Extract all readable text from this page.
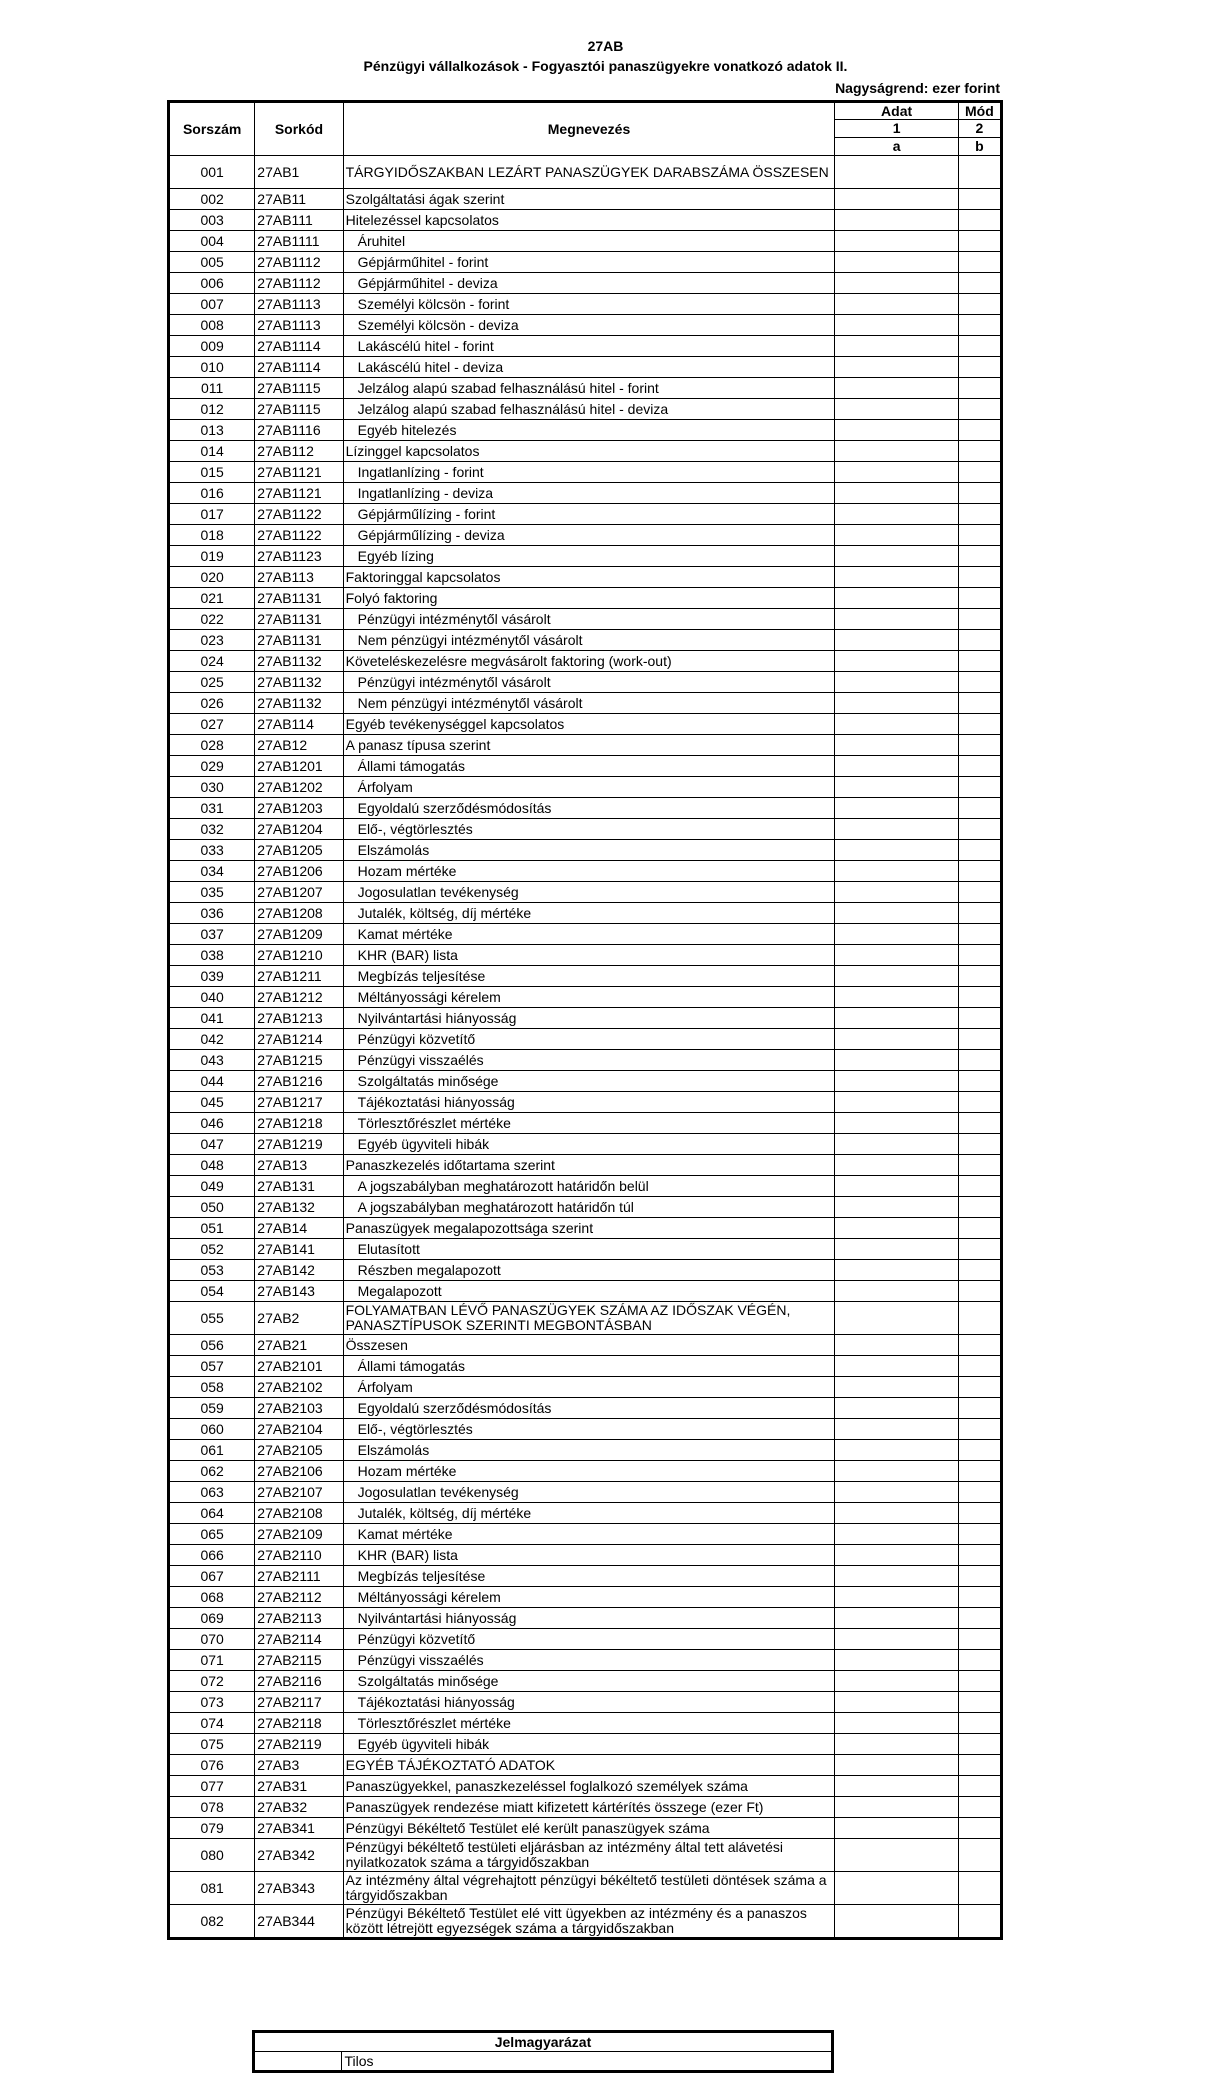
27AB
Pénzügyi vállalkozások - Fogyasztói panaszügyekre vonatkozó adatok II.
Nagyságrend: ezer forint
Sorszám	Sorkód	Megnevezés	Adat	Mód
			1	2
			a	b
001	27AB1	TÁRGYIDŐSZAKBAN LEZÁRT PANASZÜGYEK DARABSZÁMA ÖSSZESEN		
002	27AB11	Szolgáltatási ágak szerint		
003	27AB111	Hitelezéssel kapcsolatos		
004	27AB1111	Áruhitel		
005	27AB1112	Gépjárműhitel - forint		
006	27AB1112	Gépjárműhitel - deviza		
007	27AB1113	Személyi kölcsön - forint		
008	27AB1113	Személyi kölcsön - deviza		
009	27AB1114	Lakáscélú hitel - forint		
010	27AB1114	Lakáscélú hitel - deviza		
011	27AB1115	Jelzálog alapú szabad felhasználású hitel - forint		
012	27AB1115	Jelzálog alapú szabad felhasználású hitel - deviza		
013	27AB1116	Egyéb hitelezés		
014	27AB112	Lízinggel kapcsolatos		
015	27AB1121	Ingatlanlízing - forint		
016	27AB1121	Ingatlanlízing - deviza		
017	27AB1122	Gépjárműlízing - forint		
018	27AB1122	Gépjárműlízing - deviza		
019	27AB1123	Egyéb lízing		
020	27AB113	Faktoringgal kapcsolatos		
021	27AB1131	Folyó faktoring		
022	27AB1131	Pénzügyi intézménytől vásárolt		
023	27AB1131	Nem pénzügyi intézménytől vásárolt		
024	27AB1132	Követeléskezelésre megvásárolt faktoring (work-out)		
025	27AB1132	Pénzügyi intézménytől vásárolt		
026	27AB1132	Nem pénzügyi intézménytől vásárolt		
027	27AB114	Egyéb tevékenységgel kapcsolatos		
028	27AB12	A panasz típusa szerint		
029	27AB1201	Állami támogatás		
030	27AB1202	Árfolyam		
031	27AB1203	Egyoldalú szerződésmódosítás		
032	27AB1204	Elő-, végtörlesztés		
033	27AB1205	Elszámolás		
034	27AB1206	Hozam mértéke		
035	27AB1207	Jogosulatlan tevékenység		
036	27AB1208	Jutalék, költség, díj mértéke		
037	27AB1209	Kamat mértéke		
038	27AB1210	KHR (BAR) lista		
039	27AB1211	Megbízás teljesítése		
040	27AB1212	Méltányossági kérelem		
041	27AB1213	Nyilvántartási hiányosság		
042	27AB1214	Pénzügyi közvetítő		
043	27AB1215	Pénzügyi visszaélés		
044	27AB1216	Szolgáltatás minősége		
045	27AB1217	Tájékoztatási hiányosság		
046	27AB1218	Törlesztőrészlet mértéke		
047	27AB1219	Egyéb ügyviteli hibák		
048	27AB13	Panaszkezelés időtartama szerint		
049	27AB131	A jogszabályban meghatározott határidőn belül		
050	27AB132	A jogszabályban meghatározott határidőn túl		
051	27AB14	Panaszügyek megalapozottsága szerint		
052	27AB141	Elutasított		
053	27AB142	Részben megalapozott		
054	27AB143	Megalapozott		
055	27AB2	FOLYAMATBAN LÉVŐ PANASZÜGYEK SZÁMA AZ IDŐSZAK VÉGÉN, PANASZTÍPUSOK SZERINTI MEGBONTÁSBAN		
056	27AB21	Összesen		
057	27AB2101	Állami támogatás		
058	27AB2102	Árfolyam		
059	27AB2103	Egyoldalú szerződésmódosítás		
060	27AB2104	Elő-, végtörlesztés		
061	27AB2105	Elszámolás		
062	27AB2106	Hozam mértéke		
063	27AB2107	Jogosulatlan tevékenység		
064	27AB2108	Jutalék, költség, díj mértéke		
065	27AB2109	Kamat mértéke		
066	27AB2110	KHR (BAR) lista		
067	27AB2111	Megbízás teljesítése		
068	27AB2112	Méltányossági kérelem		
069	27AB2113	Nyilvántartási hiányosság		
070	27AB2114	Pénzügyi közvetítő		
071	27AB2115	Pénzügyi visszaélés		
072	27AB2116	Szolgáltatás minősége		
073	27AB2117	Tájékoztatási hiányosság		
074	27AB2118	Törlesztőrészlet mértéke		
075	27AB2119	Egyéb ügyviteli hibák		
076	27AB3	EGYÉB TÁJÉKOZTATÓ ADATOK		
077	27AB31	Panaszügyekkel, panaszkezeléssel foglalkozó személyek száma		
078	27AB32	Panaszügyek rendezése miatt kifizetett kártérítés összege (ezer Ft)		
079	27AB341	Pénzügyi Békéltető Testület elé került panaszügyek száma		
080	27AB342	Pénzügyi békéltető testületi eljárásban az intézmény által tett alávetési nyilatkozatok száma a tárgyidőszakban		
081	27AB343	Az intézmény által végrehajtott pénzügyi békéltető testületi döntések száma a tárgyidőszakban		
082	27AB344	Pénzügyi Békéltető Testület elé vitt ügyekben az intézmény és a panaszos között létrejött egyezségek száma a tárgyidőszakban		
Jelmagyarázat
	Tilos
